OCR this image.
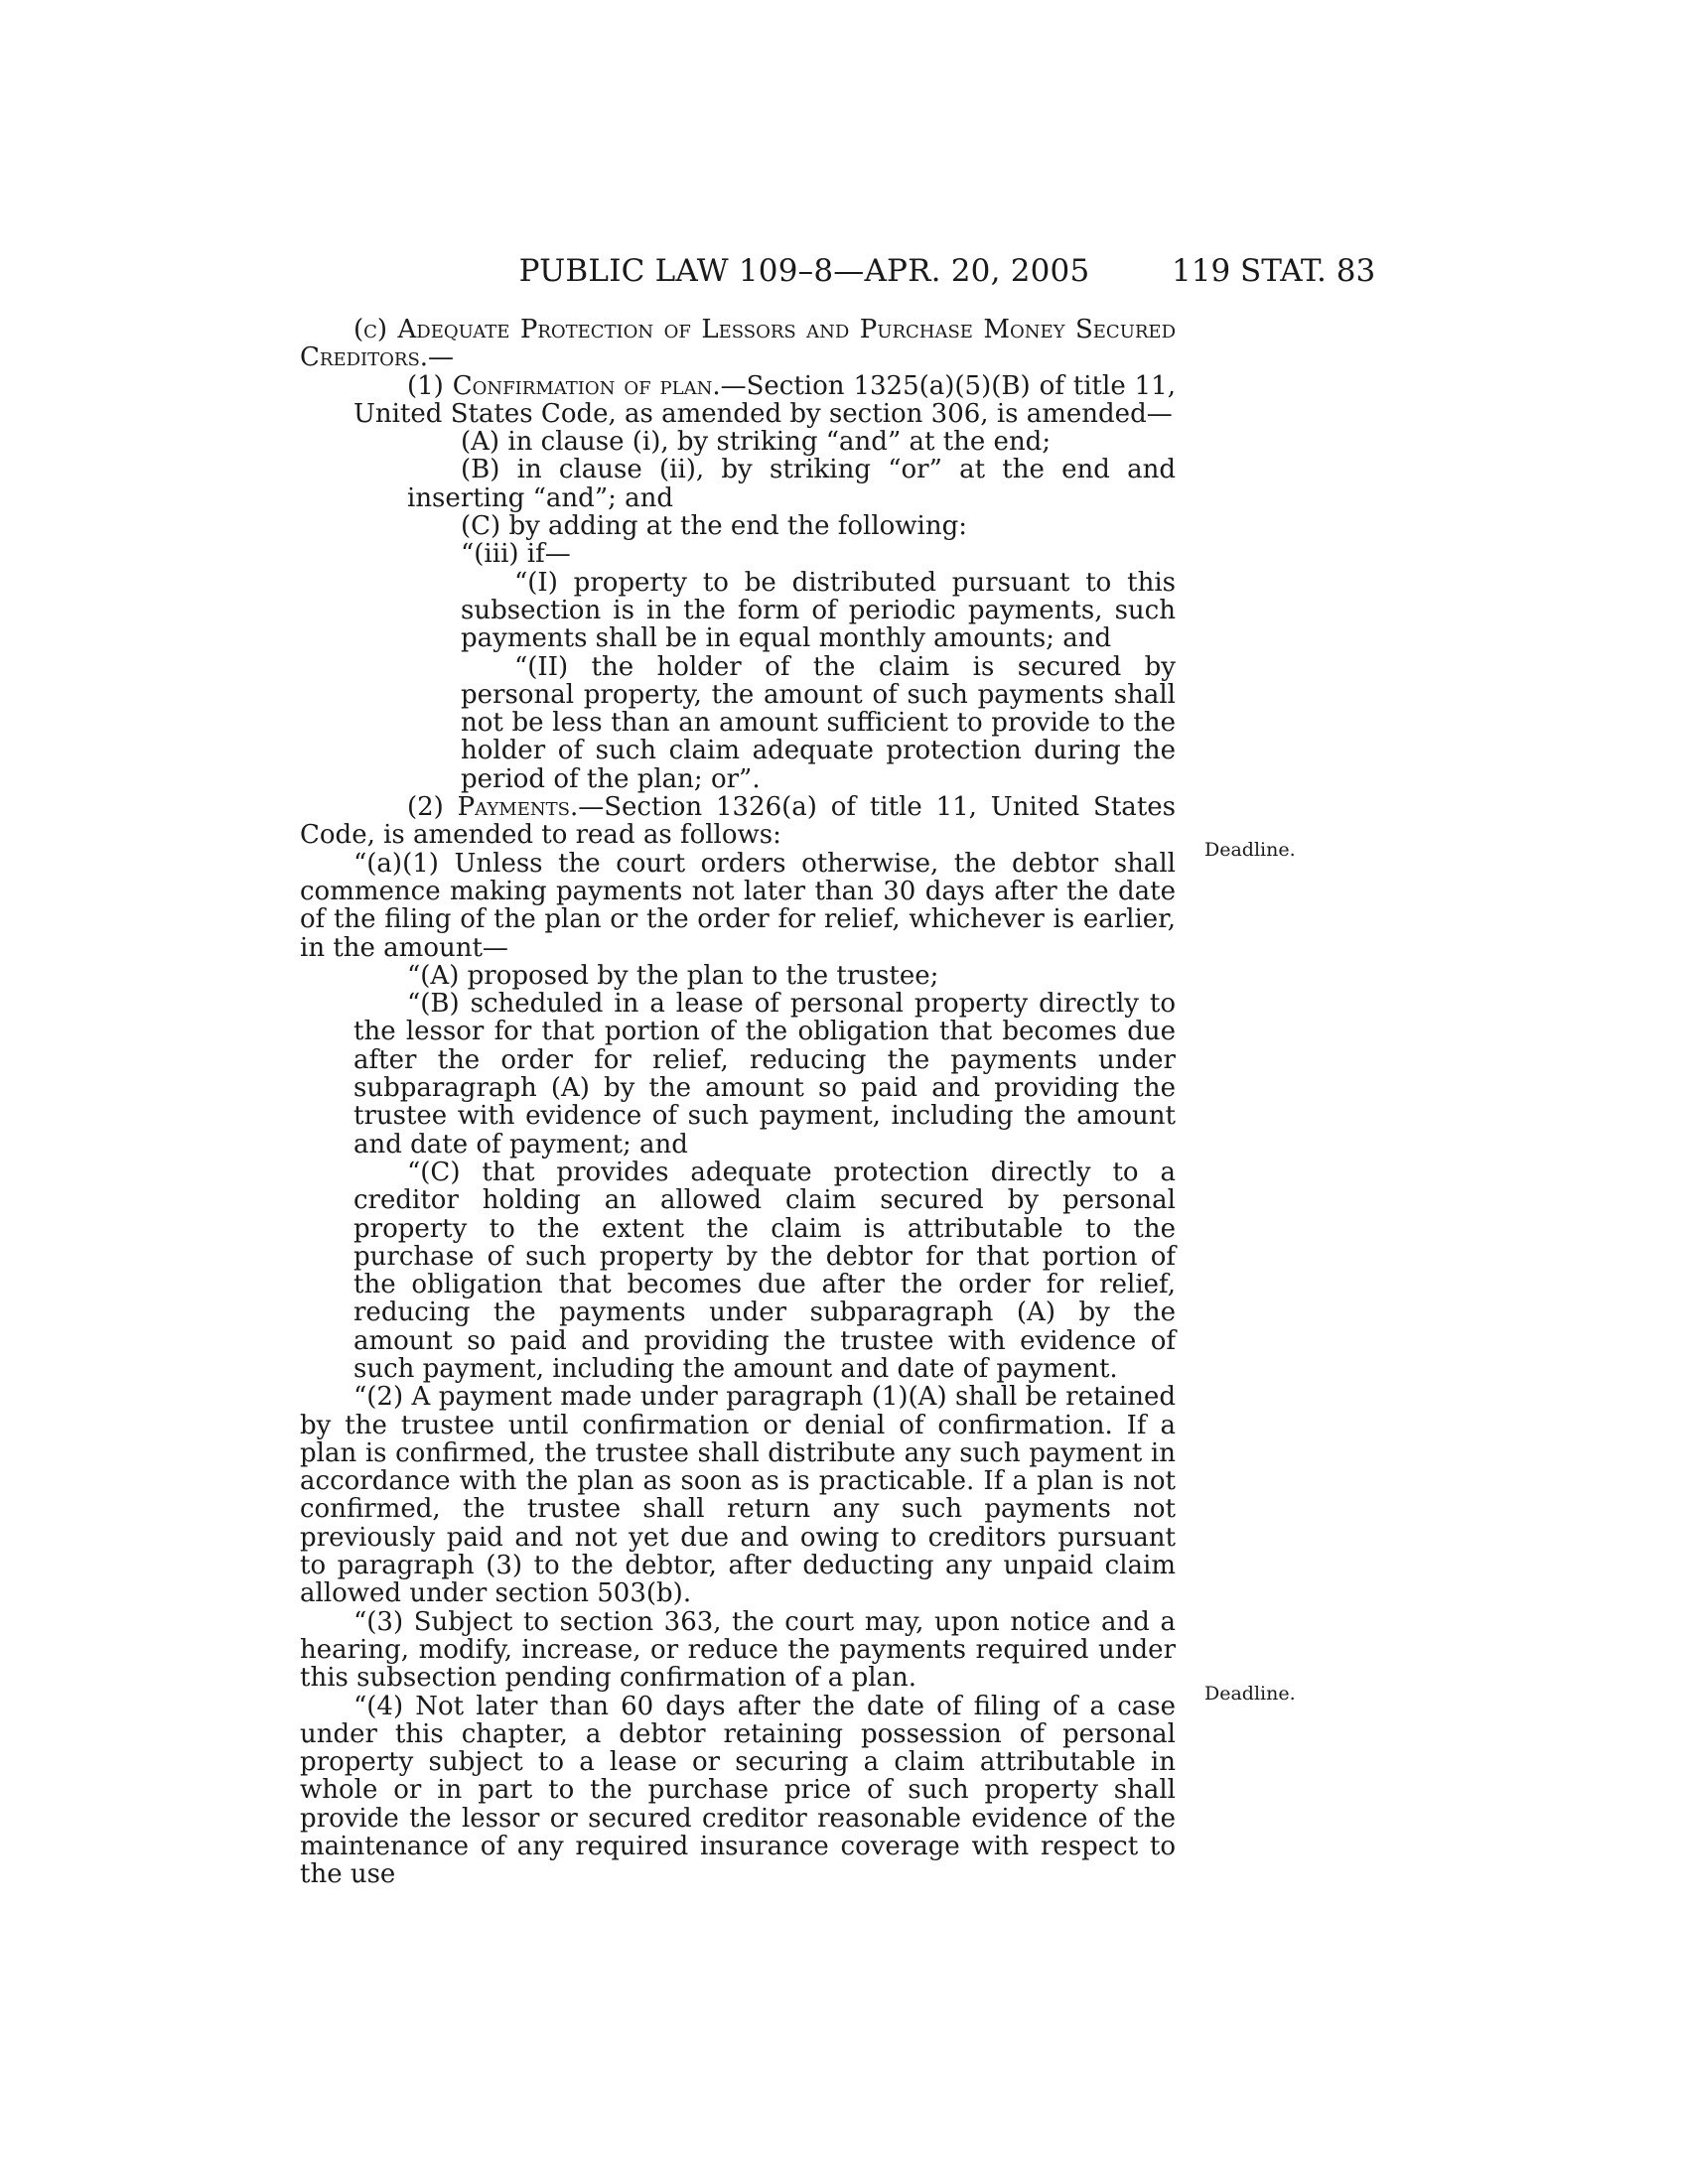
PUBLIC LAW 109–8—APR. 20, 2005	119 STAT. 83

(c) Adequate Protection of Lessors and Purchase Money Secured Creditors.—

(1) Confirmation of plan.—Section 1325(a)(5)(B) of title 11, United States Code, as amended by section 306, is amended—

(A) in clause (i), by striking “and” at the end;

(B) in clause (ii), by striking “or” at the end and inserting “and”; and

(C) by adding at the end the following:

“(iii) if—

“(I) property to be distributed pursuant to this subsection is in the form of periodic payments, such payments shall be in equal monthly amounts; and

“(II) the holder of the claim is secured by personal property, the amount of such payments shall not be less than an amount sufficient to provide to the holder of such claim adequate protection during the period of the plan; or”.

(2) Payments.—Section 1326(a) of title 11, United States Code, is amended to read as follows:

“(a)(1) Unless the court orders otherwise, the debtor shall commence making payments not later than 30 days after the date of the filing of the plan or the order for relief, whichever is earlier, in the amount—

“(A) proposed by the plan to the trustee;

“(B) scheduled in a lease of personal property directly to the lessor for that portion of the obligation that becomes due after the order for relief, reducing the payments under subparagraph (A) by the amount so paid and providing the trustee with evidence of such payment, including the amount and date of payment; and

“(C) that provides adequate protection directly to a creditor holding an allowed claim secured by personal property to the extent the claim is attributable to the purchase of such property by the debtor for that portion of the obligation that becomes due after the order for relief, reducing the payments under subparagraph (A) by the amount so paid and providing the trustee with evidence of such payment, including the amount and date of payment.

“(2) A payment made under paragraph (1)(A) shall be retained by the trustee until confirmation or denial of confirmation. If a plan is confirmed, the trustee shall distribute any such payment in accordance with the plan as soon as is practicable. If a plan is not confirmed, the trustee shall return any such payments not previously paid and not yet due and owing to creditors pursuant to paragraph (3) to the debtor, after deducting any unpaid claim allowed under section 503(b).

“(3) Subject to section 363, the court may, upon notice and a hearing, modify, increase, or reduce the payments required under this subsection pending confirmation of a plan.

“(4) Not later than 60 days after the date of filing of a case under this chapter, a debtor retaining possession of personal property subject to a lease or securing a claim attributable in whole or in part to the purchase price of such property shall provide the lessor or secured creditor reasonable evidence of the maintenance of any required insurance coverage with respect to the use

Deadline.
Deadline.
